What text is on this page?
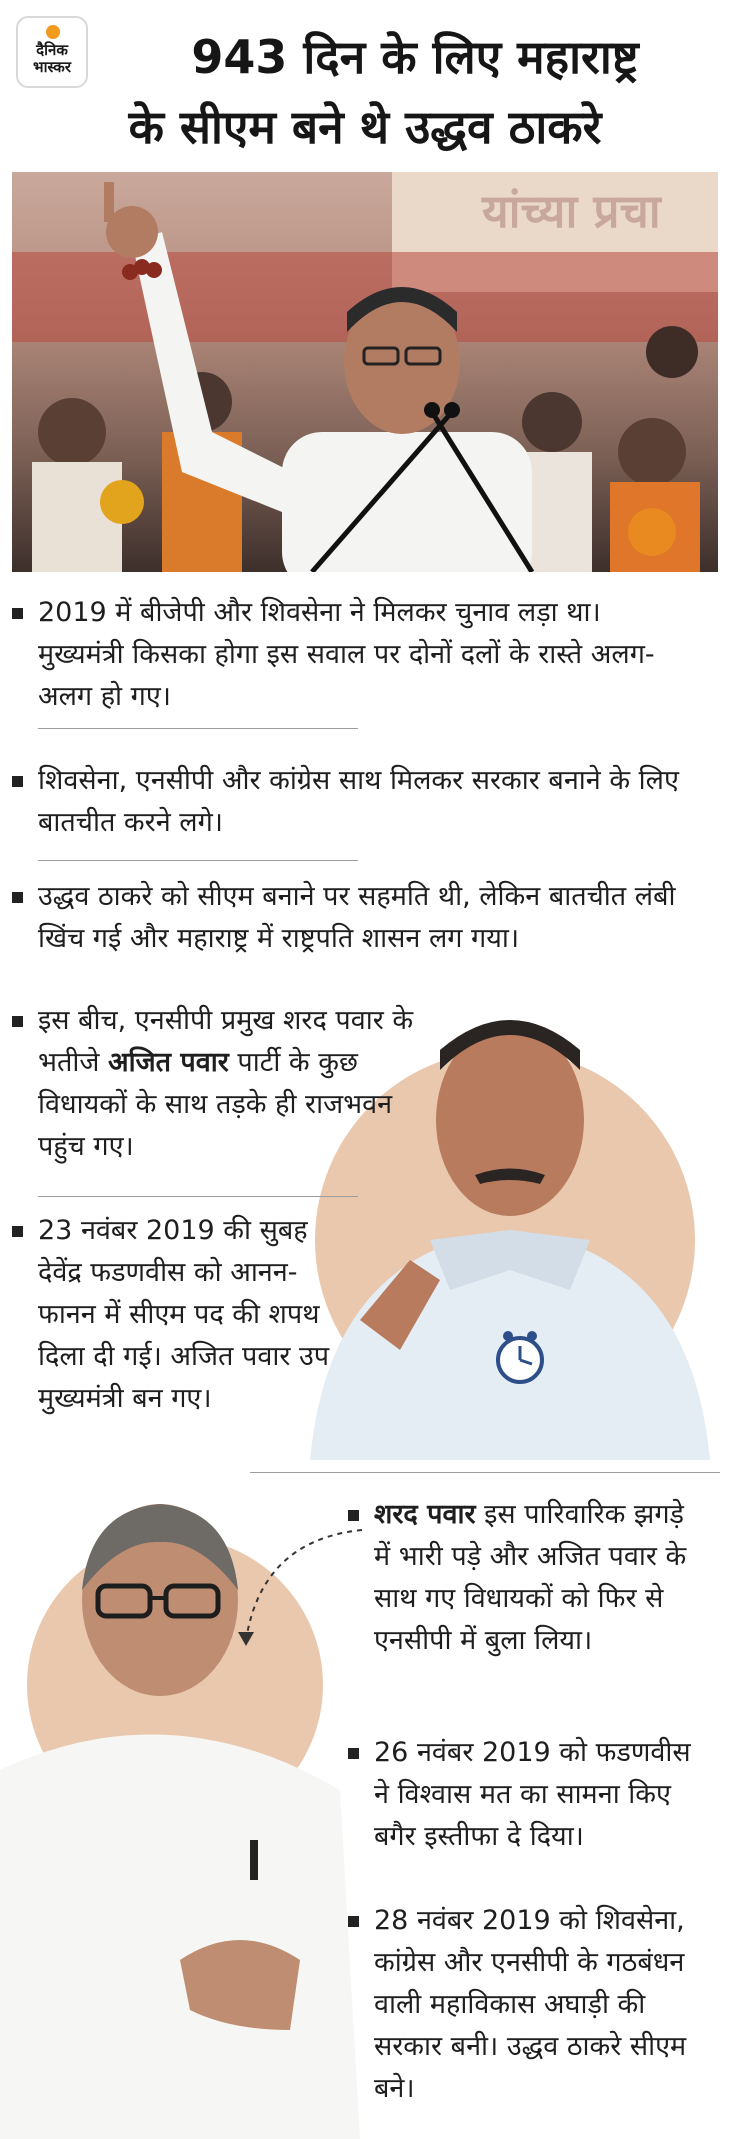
दैनिक
भास्कर	943 दिन के लिए महाराष्ट्र
के सीएम बने थे उद्धव ठाकरे
यांच्या प्रचा
2019 में बीजेपी और शिवसेना ने मिलकर चुनाव लड़ा था। मुख्यमंत्री किसका होगा इस सवाल पर दोनों दलों के रास्ते अलग-अलग हो गए।
शिवसेना, एनसीपी और कांग्रेस साथ मिलकर सरकार बनाने के लिए बातचीत करने लगे।
उद्धव ठाकरे को सीएम बनाने पर सहमति थी, लेकिन बातचीत लंबी खिंच गई और महाराष्ट्र में राष्ट्रपति शासन लग गया।
इस बीच, एनसीपी प्रमुख शरद पवार के भतीजे अजित पवार पार्टी के कुछ विधायकों के साथ तड़के ही राजभवन पहुंच गए।
23 नवंबर 2019 की सुबह देवेंद्र फडणवीस को आनन-फानन में सीएम पद की शपथ दिला दी गई। अजित पवार उप मुख्यमंत्री बन गए।
शरद पवार इस पारिवारिक झगड़े में भारी पड़े और अजित पवार के साथ गए विधायकों को फिर से एनसीपी में बुला लिया।
26 नवंबर 2019 को फडणवीस ने विश्वास मत का सामना किए बगैर इस्तीफा दे दिया।
28 नवंबर 2019 को शिवसेना, कांग्रेस और एनसीपी के गठबंधन वाली महाविकास अघाड़ी की सरकार बनी। उद्धव ठाकरे सीएम बने।
